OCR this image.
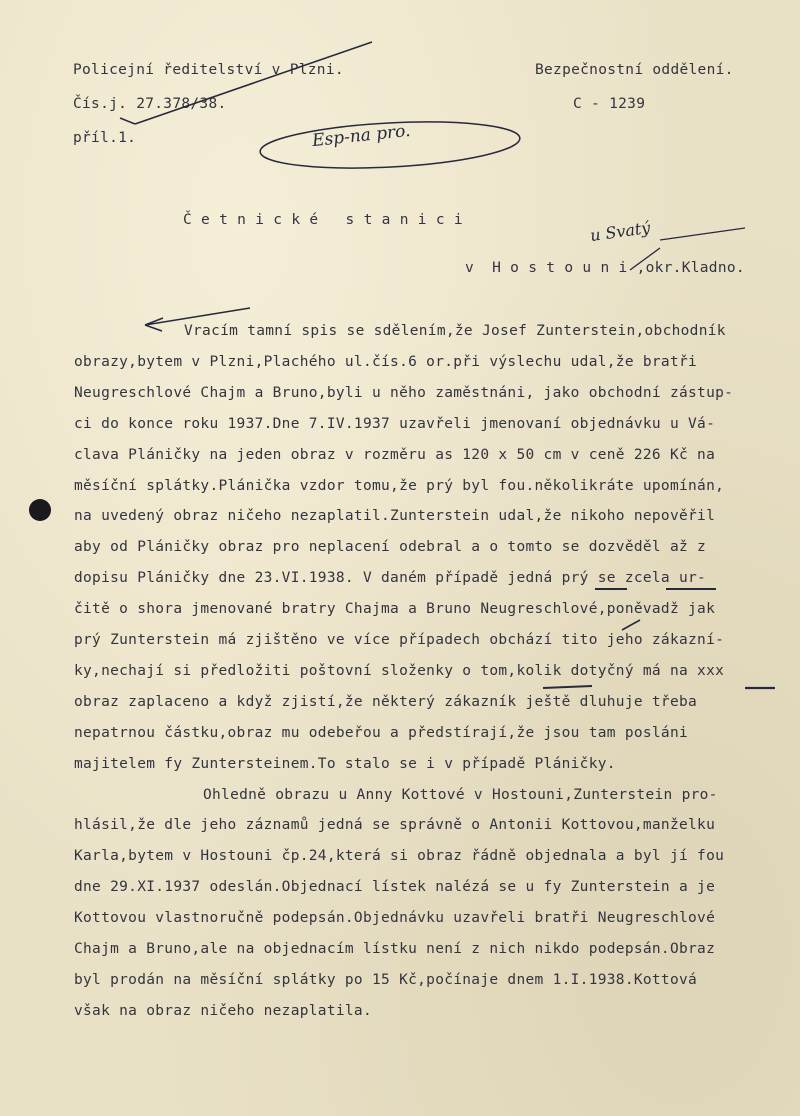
Policejní ředitelství v Plzni.	Bezpečnostní oddělení.
Čís.j. 27.378/38.	C - 1239
příl.1.	Esp-na pro.
u Svatý
Č e t n i c k é   s t a n i c i
v  H o s t o u n i ,okr.Kladno.
Vracím tamní spis se sdělením,že Josef Zunterstein,obchodník
obrazy,bytem v Plzni,Plachého ul.čís.6 or.při výslechu udal,že bratři
Neugreschlové Chajm a Bruno,byli u něho zaměstnáni, jako obchodní zástup-
ci do konce roku 1937.Dne 7.IV.1937 uzavřeli jmenovaní objednávku u Vá-
clava Pláničky na jeden obraz v rozměru as 120 x 50 cm v ceně 226 Kč na
měsíční splátky.Plánička vzdor tomu,že prý byl fou.několikráte upomínán,
na uvedený obraz ničeho nezaplatil.Zunterstein udal,že nikoho nepověřil
aby od Pláničky obraz pro neplacení odebral a o tomto se dozvěděl až z
dopisu Pláničky dne 23.VI.1938. V daném případě jedná prý se zcela ur-
čitě o shora jmenované bratry Chajma a Bruno Neugreschlové,poněvadž jak
prý Zunterstein má zjištěno ve více případech obchází tito jeho zákazní-
ky,nechají si předložiti poštovní složenky o tom,kolik dotyčný má na xxx
obraz zaplaceno a když zjistí,že některý zákazník ještě dluhuje třeba
nepatrnou částku,obraz mu odebeřou a předstírají,že jsou tam posláni
majitelem fy Zuntersteinem.To stalo se i v případě Pláničky.
Ohledně obrazu u Anny Kottové v Hostouni,Zunterstein pro-
hlásil,že dle jeho záznamů jedná se správně o Antonii Kottovou,manželku
Karla,bytem v Hostouni čp.24,která si obraz řádně objednala a byl jí fou
dne 29.XI.1937 odeslán.Objednací lístek nalézá se u fy Zunterstein a je
Kottovou vlastnoručně podepsán.Objednávku uzavřeli bratři Neugreschlové
Chajm a Bruno,ale na objednacím lístku není z nich nikdo podepsán.Obraz
byl prodán na měsíční splátky po 15 Kč,počínaje dnem 1.I.1938.Kottová
však na obraz ničeho nezaplatila.
